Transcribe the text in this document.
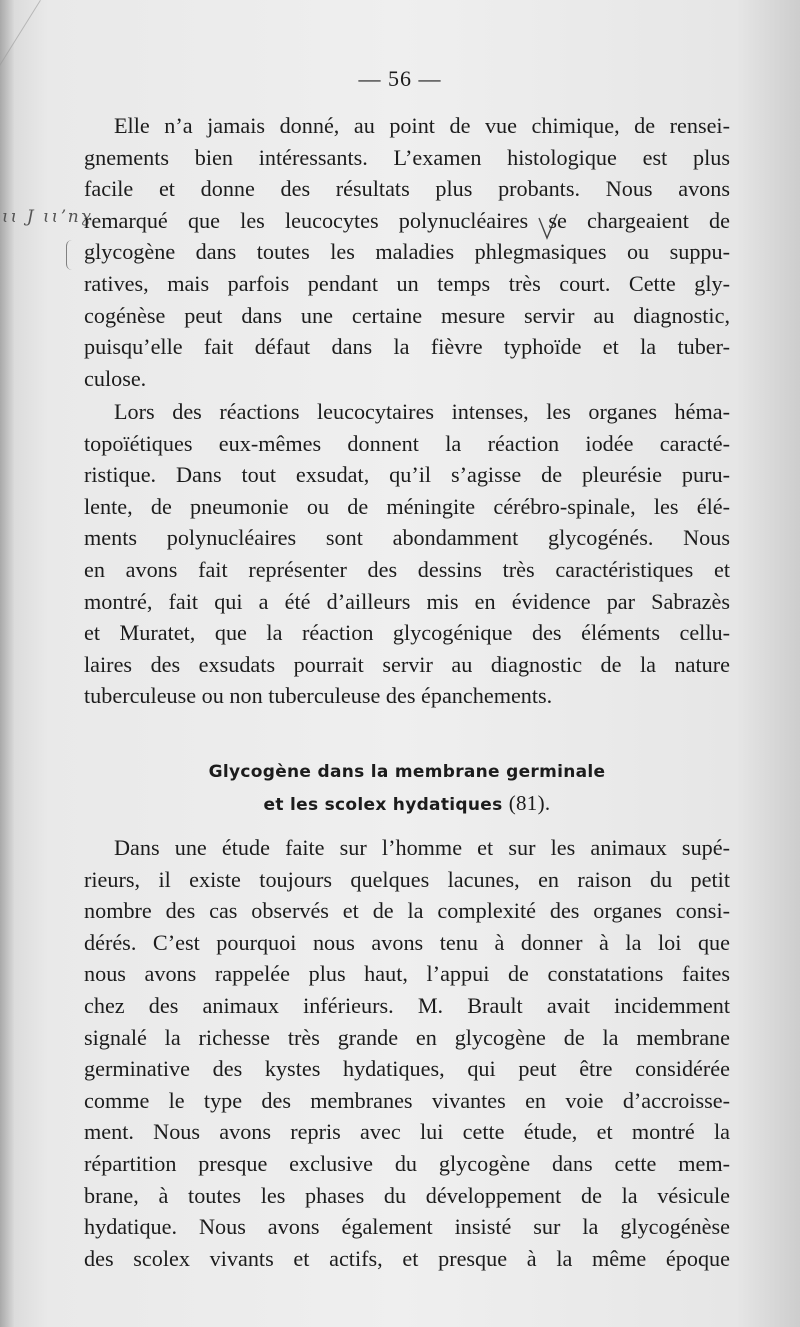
— 56 —
ɩɩ J ɩɩʼnɣ
Elle n’a jamais donné, au point de vue chimique, de rensei-
gnements bien intéressants. L’examen histologique est plus
facile et donne des résultats plus probants. Nous avons
remarqué que les leucocytes polynucléaires se chargeaient de
glycogène dans toutes les maladies phlegmasiques ou suppu-
ratives, mais parfois pendant un temps très court. Cette gly-
cogénèse peut dans une certaine mesure servir au diagnostic,
puisqu’elle fait défaut dans la fièvre typhoïde et la tuber-
culose.
Lors des réactions leucocytaires intenses, les organes héma-
topoïétiques eux-mêmes donnent la réaction iodée caracté-
ristique. Dans tout exsudat, qu’il s’agisse de pleurésie puru-
lente, de pneumonie ou de méningite cérébro-spinale, les élé-
ments polynucléaires sont abondamment glycogénés. Nous
en avons fait représenter des dessins très caractéristiques et
montré, fait qui a été d’ailleurs mis en évidence par Sabrazès
et Muratet, que la réaction glycogénique des éléments cellu-
laires des exsudats pourrait servir au diagnostic de la nature
tuberculeuse ou non tuberculeuse des épanchements.
Glycogène dans la membrane germinale
et les scolex hydatiques (81).
Dans une étude faite sur l’homme et sur les animaux supé-
rieurs, il existe toujours quelques lacunes, en raison du petit
nombre des cas observés et de la complexité des organes consi-
dérés. C’est pourquoi nous avons tenu à donner à la loi que
nous avons rappelée plus haut, l’appui de constatations faites
chez des animaux inférieurs. M. Brault avait incidemment
signalé la richesse très grande en glycogène de la membrane
germinative des kystes hydatiques, qui peut être considérée
comme le type des membranes vivantes en voie d’accroisse-
ment. Nous avons repris avec lui cette étude, et montré la
répartition presque exclusive du glycogène dans cette mem-
brane, à toutes les phases du développement de la vésicule
hydatique. Nous avons également insisté sur la glycogénèse
des scolex vivants et actifs, et presque à la même époque
